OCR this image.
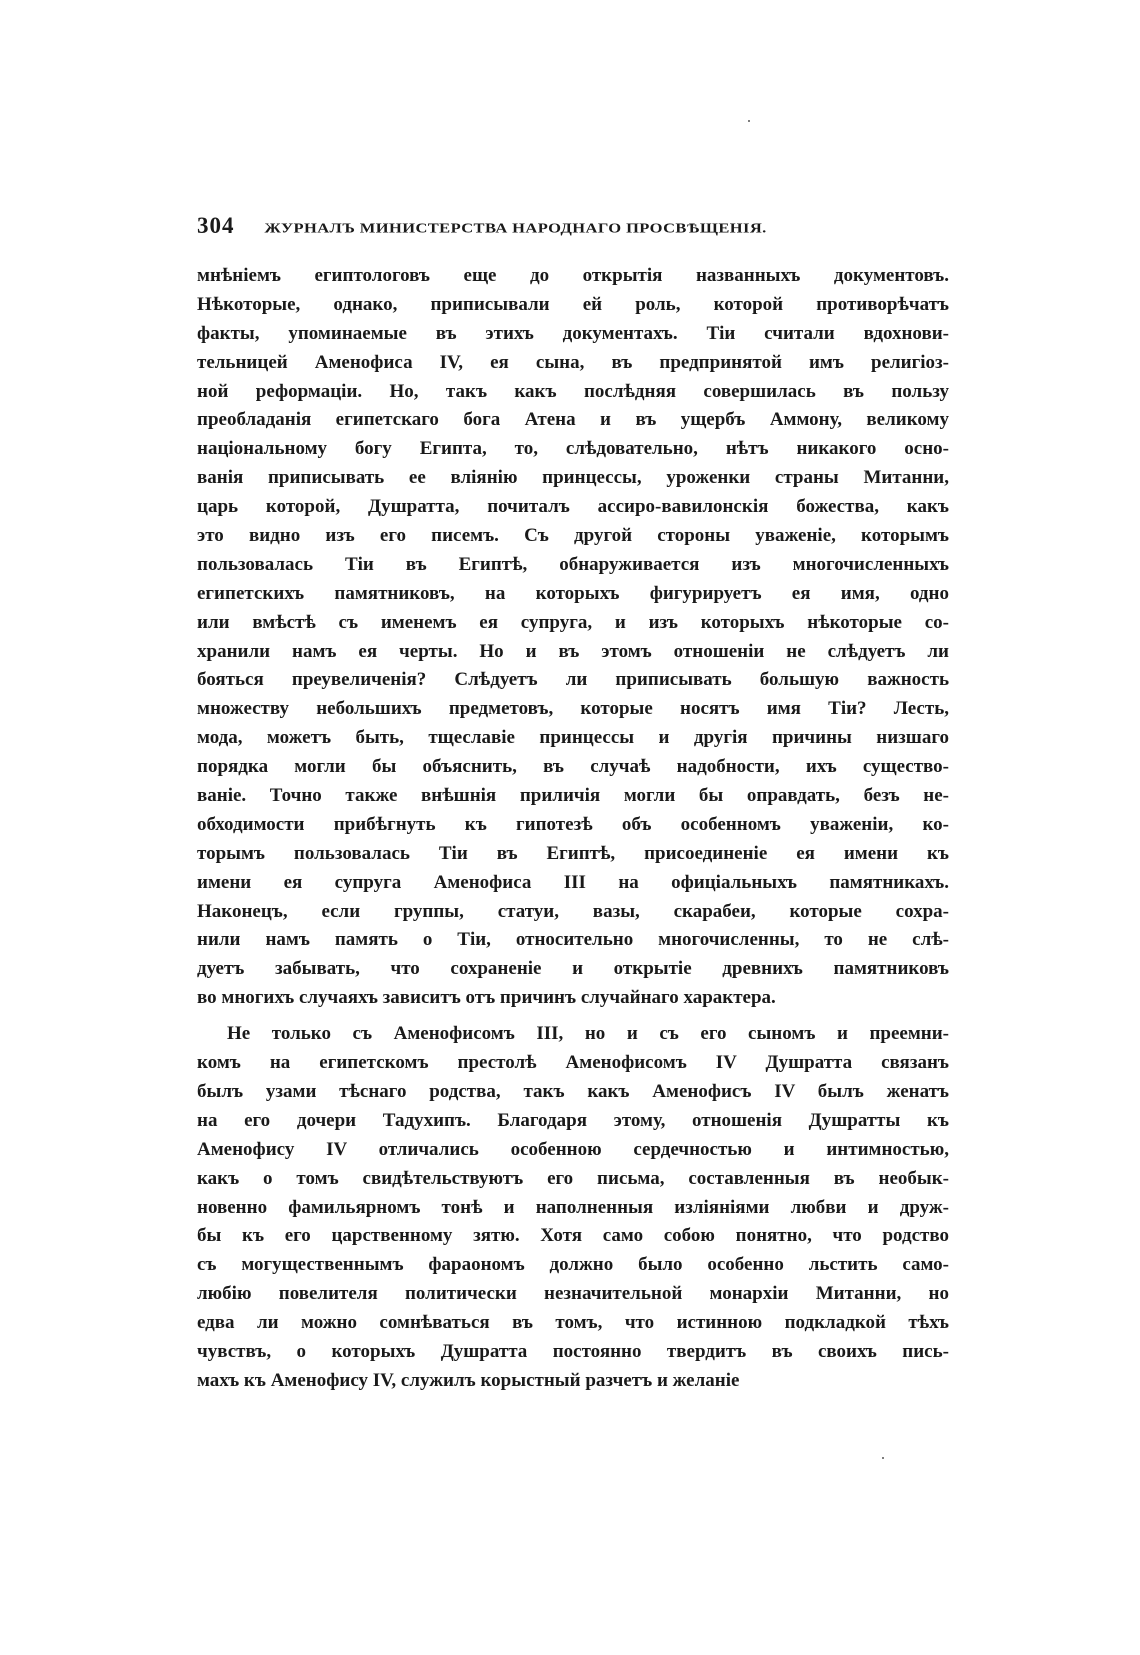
304 ЖУРНАЛЪ МИНИСТЕРСТВА НАРОДНАГО ПРОСВѢЩЕНІЯ.
мнѣніемъ египтологовъ еще до открытія названныхъ документовъ.
Нѣкоторые, однако, приписывали ей роль, которой противорѣчатъ
факты, упоминаемые въ этихъ документахъ. Тіи считали вдохнови-
тельницей Аменофиса IV, ея сына, въ предпринятой имъ религіоз-
ной реформаціи. Но, такъ какъ послѣдняя совершилась въ пользу
преобладанія египетскаго бога Атена и въ ущербъ Аммону, великому
національному богу Египта, то, слѣдовательно, нѣтъ никакого осно-
ванія приписывать ее вліянію принцессы, уроженки страны Митанни,
царь которой, Душратта, почиталъ ассиро-вавилонскія божества, какъ
это видно изъ его писемъ. Съ другой стороны уваженіе, которымъ
пользовалась Тіи въ Египтѣ, обнаруживается изъ многочисленныхъ
египетскихъ памятниковъ, на которыхъ фигурируетъ ея имя, одно
или вмѣстѣ съ именемъ ея супруга, и изъ которыхъ нѣкоторые со-
хранили намъ ея черты. Но и въ этомъ отношеніи не слѣдуетъ ли
бояться преувеличенія? Слѣдуетъ ли приписывать большую важность
множеству небольшихъ предметовъ, которые носятъ имя Тіи? Лесть,
мода, можетъ быть, тщеславіе принцессы и другія причины низшаго
порядка могли бы объяснить, въ случаѣ надобности, ихъ существо-
ваніе. Точно также внѣшнія приличія могли бы оправдать, безъ не-
обходимости прибѣгнуть къ гипотезѣ объ особенномъ уваженіи, ко-
торымъ пользовалась Тіи въ Египтѣ, присоединеніе ея имени къ
имени ея супруга Аменофиса III на офиціальныхъ памятникахъ.
Наконецъ, если группы, статуи, вазы, скарабеи, которые сохра-
нили намъ память о Тіи, относительно многочисленны, то не слѣ-
дуетъ забывать, что сохраненіе и открытіе древнихъ памятниковъ
во многихъ случаяхъ зависитъ отъ причинъ случайнаго характера.
Не только съ Аменофисомъ III, но и съ его сыномъ и преемни-
комъ на египетскомъ престолѣ Аменофисомъ IV Душратта связанъ
былъ узами тѣснаго родства, такъ какъ Аменофисъ IV былъ женатъ
на его дочери Тадухипъ. Благодаря этому, отношенія Душратты къ
Аменофису IV отличались особенною сердечностью и интимностью,
какъ о томъ свидѣтельствуютъ его письма, составленныя въ необык-
новенно фамильярномъ тонѣ и наполненныя изліяніями любви и друж-
бы къ его царственному зятю. Хотя само собою понятно, что родство
съ могущественнымъ фараономъ должно было особенно льстить само-
любію повелителя политически незначительной монархіи Митанни, но
едва ли можно сомнѣваться въ томъ, что истинною подкладкой тѣхъ
чувствъ, о которыхъ Душратта постоянно твердитъ въ своихъ пись-
махъ къ Аменофису IV, служилъ корыстный разчетъ и желаніе
